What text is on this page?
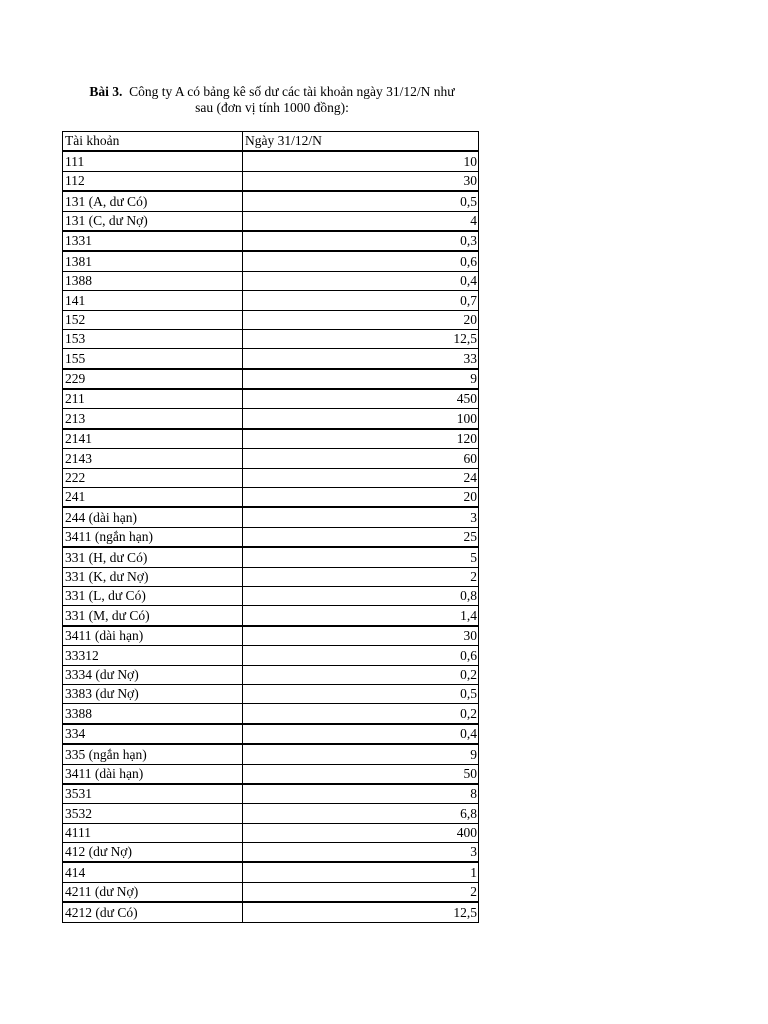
Bài 3. Công ty A có bảng kê số dư các tài khoản ngày 31/12/N như
sau (đơn vị tính 1000 đồng):
Tài khoản	Ngày 31/12/N
111	10
112	30
131 (A, dư Có)	0,5
131 (C, dư Nợ)	4
1331	0,3
1381	0,6
1388	0,4
141	0,7
152	20
153	12,5
155	33
229	9
211	450
213	100
2141	120
2143	60
222	24
241	20
244 (dài hạn)	3
3411 (ngắn hạn)	25
331 (H, dư Có)	5
331 (K, dư Nợ)	2
331 (L, dư Có)	0,8
331 (M, dư Có)	1,4
3411 (dài hạn)	30
33312	0,6
3334 (dư Nợ)	0,2
3383 (dư Nợ)	0,5
3388	0,2
334	0,4
335 (ngắn hạn)	9
3411 (dài hạn)	50
3531	8
3532	6,8
4111	400
412 (dư Nợ)	3
414	1
4211 (dư Nợ)	2
4212 (dư Có)	12,5
